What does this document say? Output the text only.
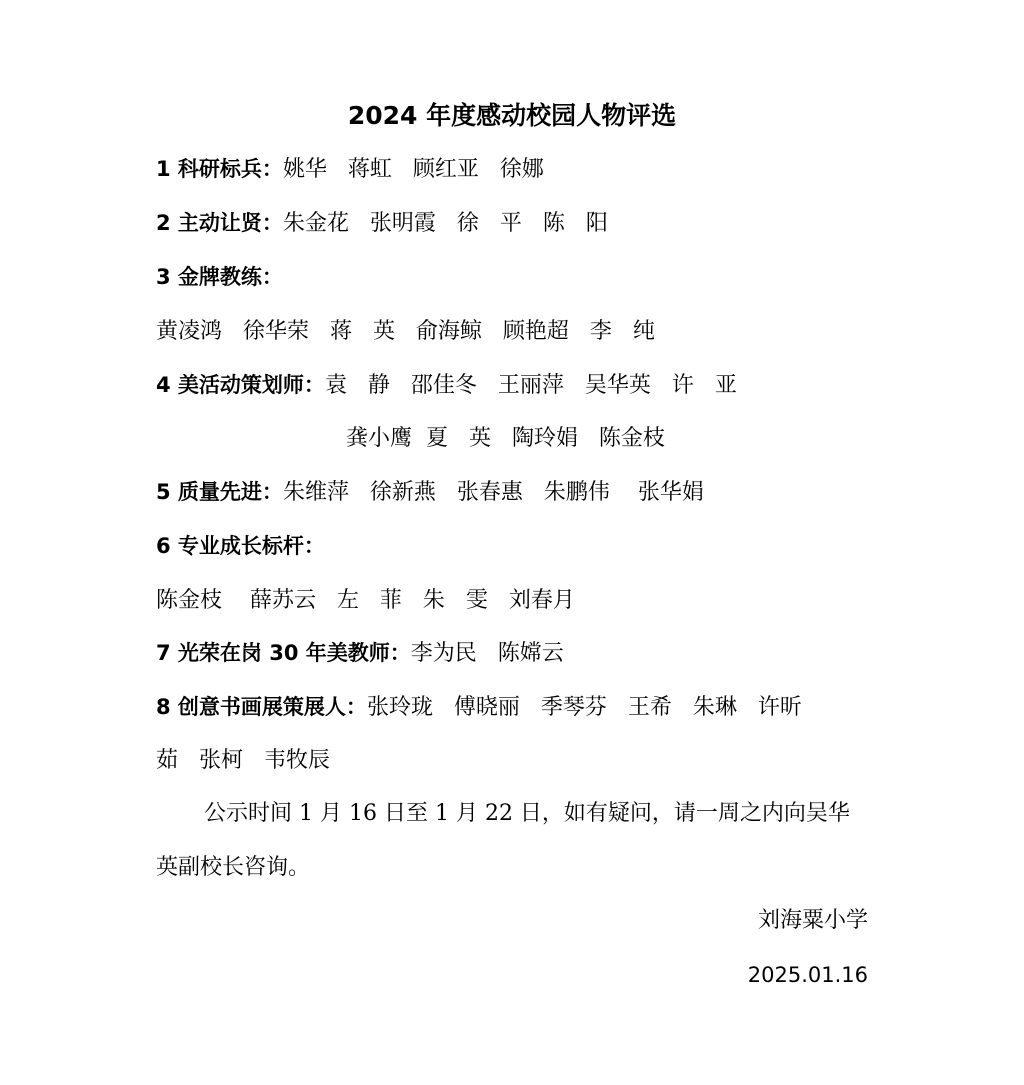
2024 年度感动校园人物评选
1 科研标兵：姚华   蒋虹   顾红亚   徐娜
2 主动让贤：朱金花   张明霞   徐   平   陈   阳
3 金牌教练：
黄凌鸿   徐华荣   蒋   英   俞海鲸   顾艳超   李   纯
4 美活动策划师：袁   静   邵佳冬   王丽萍   吴华英   许   亚
龚小鹰  夏   英   陶玲娟   陈金枝
5 质量先进：朱维萍   徐新燕   张春惠   朱鹏伟    张华娟
6 专业成长标杆：
陈金枝    薛苏云   左   菲   朱   雯   刘春月
7 光荣在岗 30 年美教师：李为民   陈嫦云
8 创意书画展策展人：张玲珑   傅晓丽   季琴芬   王希   朱琳   许昕
茹   张柯   韦牧辰
公示时间 1 月 16 日至 1 月 22 日，如有疑问，请一周之内向吴华
英副校长咨询。
刘海粟小学
2025.01.16
